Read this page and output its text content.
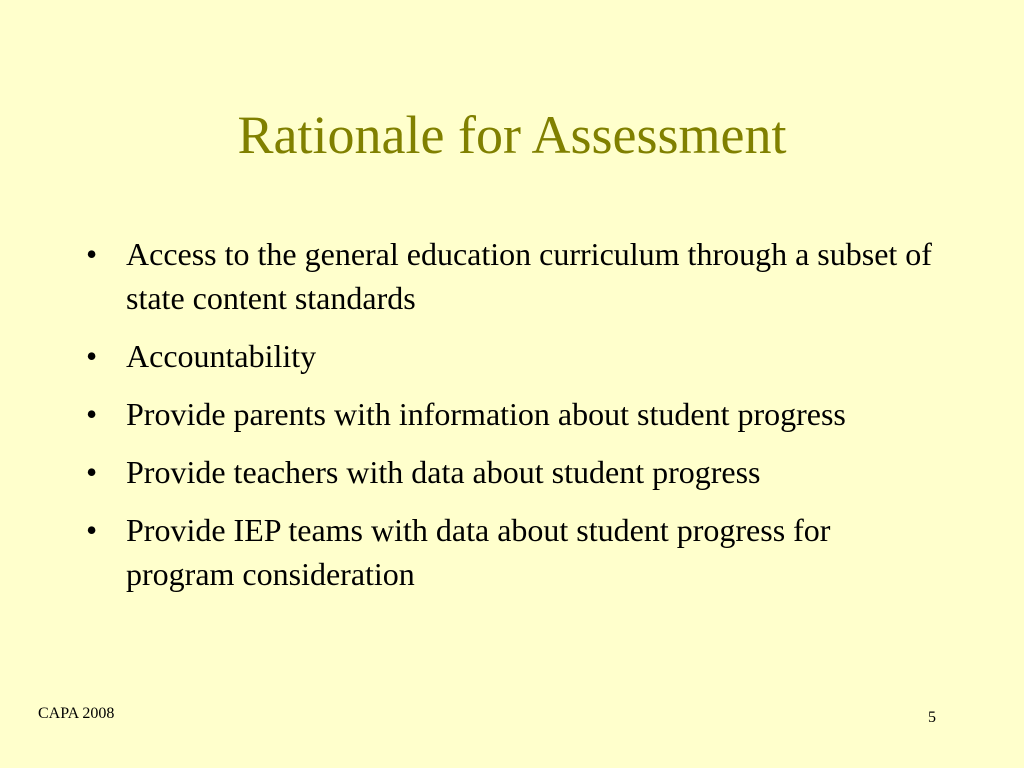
Rationale for Assessment
• Access to the general education curriculum through a subset of state content standards
• Accountability
• Provide parents with information about student progress
• Provide teachers with data about student progress
• Provide IEP teams with data about student progress for program consideration
CAPA 2008	5
